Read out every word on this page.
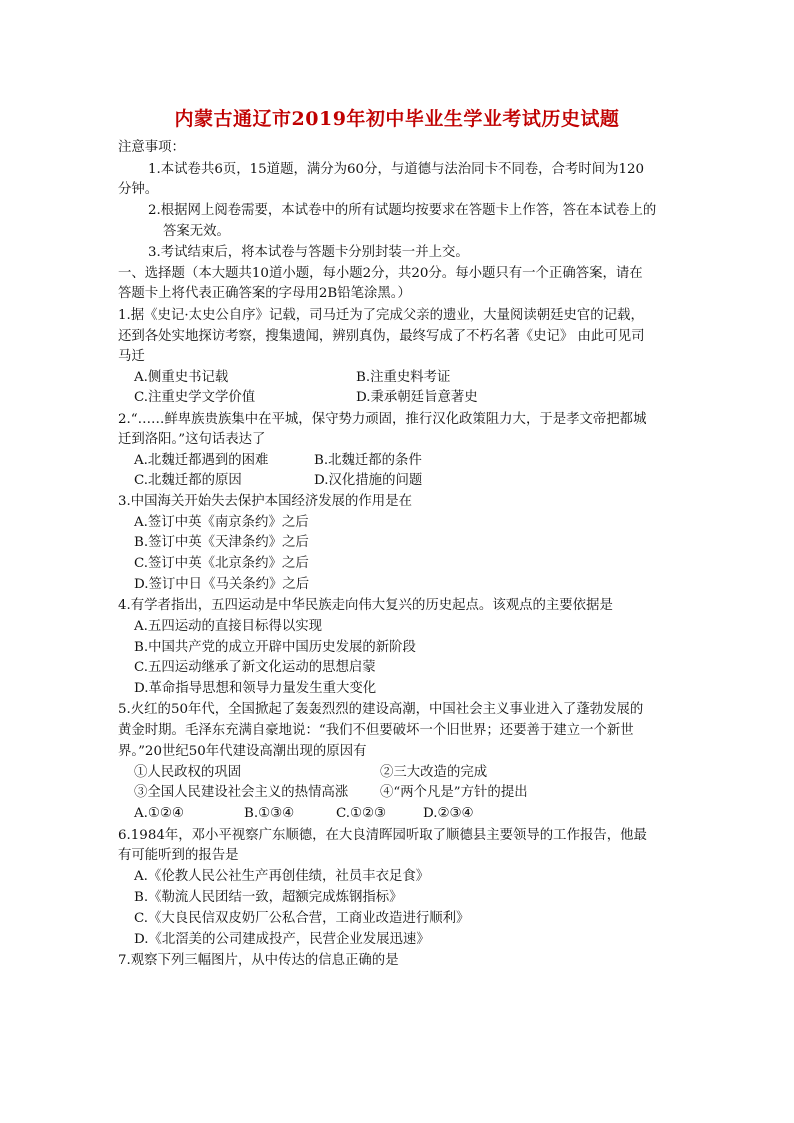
内蒙古通辽市2019年初中毕业生学业考试历史试题
注意事项：
1.本试卷共6页，15道题，满分为60分，与道德与法治同卡不同卷，合考时间为120
分钟。
2.根据网上阅卷需要，本试卷中的所有试题均按要求在答题卡上作答，答在本试卷上的
答案无效。
3.考试结束后，将本试卷与答题卡分别封装一并上交。
一、选择题（本大题共10道小题，每小题2分，共20分。每小题只有一个正确答案，请在
答题卡上将代表正确答案的字母用2B铅笔涂黑。）
1.据《史记·太史公自序》记载，司马迁为了完成父亲的遗业，大量阅读朝廷史官的记载，
还到各处实地探访考察，搜集遗闻，辨别真伪，最终写成了不朽名著《史记》 由此可见司
马迁
A.侧重史书记载	B.注重史料考证
C.注重史学文学价值	D.秉承朝廷旨意著史
2.“……鲜卑族贵族集中在平城，保守势力顽固，推行汉化政策阻力大，于是孝文帝把都城
迁到洛阳。”这句话表达了
A.北魏迁都遇到的困难	B.北魏迁都的条件
C.北魏迁都的原因	D.汉化措施的问题
3.中国海关开始失去保护本国经济发展的作用是在
A.签订中英《南京条约》之后
B.签订中英《天津条约》之后
C.签订中英《北京条约》之后
D.签订中日《马关条约》之后
4.有学者指出，五四运动是中华民族走向伟大复兴的历史起点。该观点的主要依据是
A.五四运动的直接目标得以实现
B.中国共产党的成立开辟中国历史发展的新阶段
C.五四运动继承了新文化运动的思想启蒙
D.革命指导思想和领导力量发生重大变化
5.火红的50年代，全国掀起了轰轰烈烈的建设高潮，中国社会主义事业进入了蓬勃发展的
黄金时期。毛泽东充满自豪地说：“我们不但要破坏一个旧世界；还要善于建立一个新世
界。”20世纪50年代建设高潮出现的原因有
①人民政权的巩固	②三大改造的完成
③全国人民建设社会主义的热情高涨 ④“两个凡是”方针的提出
A.①②④	B.①③④	C.①②③	D.②③④
6.1984年，邓小平视察广东顺德，在大良清晖园听取了顺德县主要领导的工作报告，他最
有可能听到的报告是
A.《伦教人民公社生产再创佳绩，社员丰衣足食》
B.《勒流人民团结一致，超额完成炼钢指标》
C.《大良民信双皮奶厂公私合营，工商业改造进行顺利》
D.《北滘美的公司建成投产，民营企业发展迅速》
7.观察下列三幅图片，从中传达的信息正确的是
